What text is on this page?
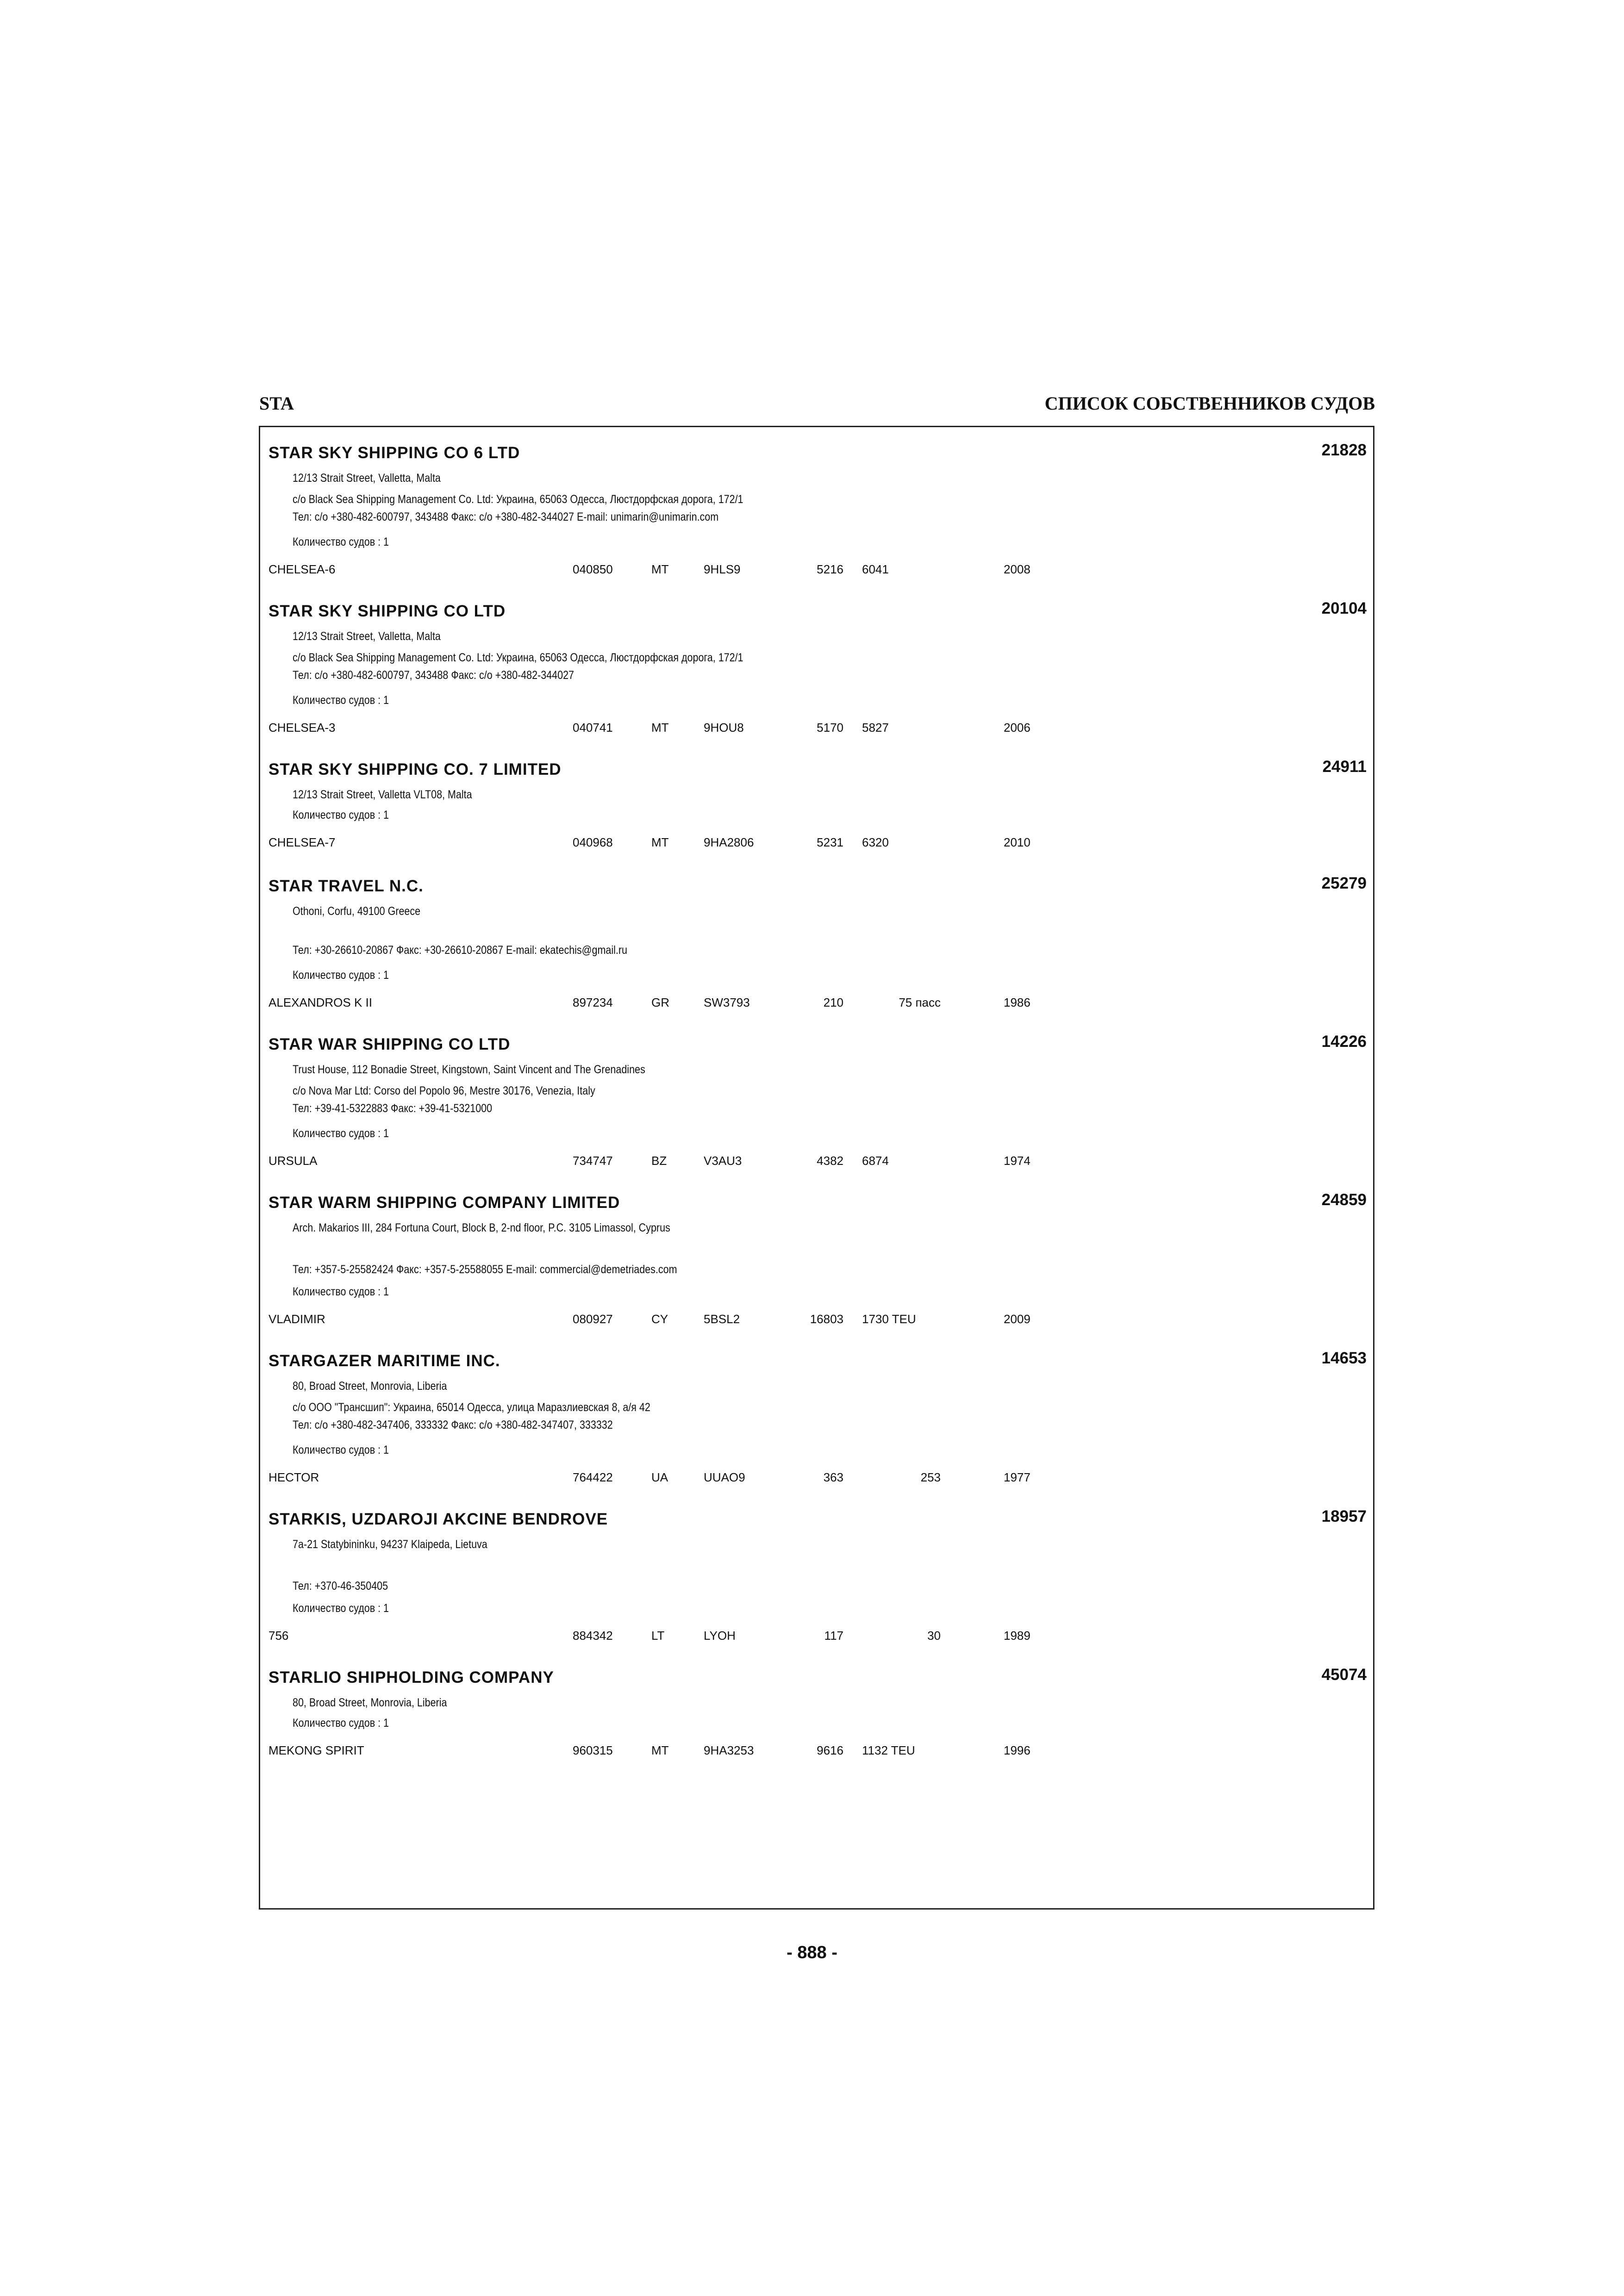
STA	СПИСОК СОБСТВЕННИКОВ СУДОВ
STAR SKY SHIPPING CO 6 LTD	21828
12/13 Strait Street, Valletta, Malta
c/o Black Sea Shipping Management Co. Ltd: Украина, 65063 Одесса, Люстдорфская дорога, 172/1
Тел: c/o +380-482-600797, 343488 Факс: c/o +380-482-344027 E-mail: unimarin@unimarin.com
Количество судов : 1
CHELSEA-6	040850	MT	9HLS9	5216 6041	2008
STAR SKY SHIPPING CO LTD	20104
12/13 Strait Street, Valletta, Malta
c/o Black Sea Shipping Management Co. Ltd: Украина, 65063 Одесса, Люстдорфская дорога, 172/1
Тел: c/o +380-482-600797, 343488 Факс: c/o +380-482-344027
Количество судов : 1
CHELSEA-3	040741	MT	9HOU8	5170 5827	2006
STAR SKY SHIPPING CO. 7 LIMITED	24911
12/13 Strait Street, Valletta VLT08, Malta
Количество судов : 1
CHELSEA-7	040968	MT	9HA2806	5231 6320	2010
STAR TRAVEL N.C.	25279
Othoni, Corfu, 49100 Greece
Тел: +30-26610-20867 Факс: +30-26610-20867 E-mail: ekatechis@gmail.ru
Количество судов : 1
ALEXANDROS K II	897234	GR	SW3793	210	75 пасс	1986
STAR WAR SHIPPING CO LTD	14226
Trust House, 112 Bonadie Street, Kingstown, Saint Vincent and The Grenadines
c/o Nova Mar Ltd: Corso del Popolo 96, Mestre 30176, Venezia, Italy
Тел: +39-41-5322883 Факс: +39-41-5321000
Количество судов : 1
URSULA	734747	BZ	V3AU3	4382 6874	1974
STAR WARM SHIPPING COMPANY LIMITED	24859
Arch. Makarios III, 284 Fortuna Court, Block B, 2-nd floor, P.C. 3105 Limassol, Cyprus
Тел: +357-5-25582424 Факс: +357-5-25588055 E-mail: commercial@demetriades.com
Количество судов : 1
VLADIMIR	080927	CY	5BSL2	16803 1730 TEU	2009
STARGAZER MARITIME INC.	14653
80, Broad Street, Monrovia, Liberia
c/o ООО "Трансшип": Украина, 65014 Одесса, улица Маразлиевская 8, а/я 42
Тел: c/o +380-482-347406, 333332 Факс: c/o +380-482-347407, 333332
Количество судов : 1
HECTOR	764422	UA	UUAO9	363	253	1977
STARKIS, UZDAROJI AKCINE BENDROVE	18957
7a-21 Statybininku, 94237 Klaipeda, Lietuva
Тел: +370-46-350405
Количество судов : 1
756	884342	LT	LYOH	117	30	1989
STARLIO SHIPHOLDING COMPANY	45074
80, Broad Street, Monrovia, Liberia
Количество судов : 1
MEKONG SPIRIT	960315	MT	9HA3253	9616 1132 TEU	1996
- 888 -
